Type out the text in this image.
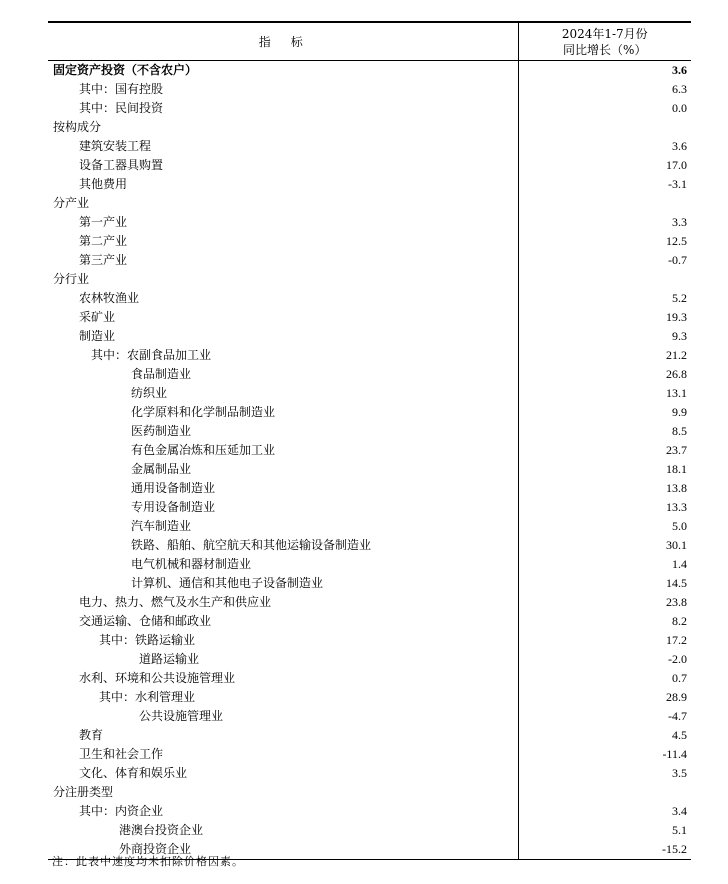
指　标	2024年1-7月份
同比增长（%）

固定资产投资（不含农户）	3.6
其中：国有控股	6.3
其中：民间投资	0.0
按构成分	
建筑安装工程	3.6
设备工器具购置	17.0
其他费用	-3.1
分产业	
第一产业	3.3
第二产业	12.5
第三产业	-0.7
分行业	
农林牧渔业	5.2
采矿业	19.3
制造业	9.3
其中：农副食品加工业	21.2
食品制造业	26.8
纺织业	13.1
化学原料和化学制品制造业	9.9
医药制造业	8.5
有色金属冶炼和压延加工业	23.7
金属制品业	18.1
通用设备制造业	13.8
专用设备制造业	13.3
汽车制造业	5.0
铁路、船舶、航空航天和其他运输设备制造业	30.1
电气机械和器材制造业	1.4
计算机、通信和其他电子设备制造业	14.5
电力、热力、燃气及水生产和供应业	23.8
交通运输、仓储和邮政业	8.2
其中：铁路运输业	17.2
道路运输业	-2.0
水利、环境和公共设施管理业	0.7
其中：水利管理业	28.9
公共设施管理业	-4.7
教育	4.5
卫生和社会工作	-11.4
文化、体育和娱乐业	3.5
分注册类型	
其中：内资企业	3.4
港澳台投资企业	5.1
外商投资企业	-15.2
注：此表中速度均未扣除价格因素。
